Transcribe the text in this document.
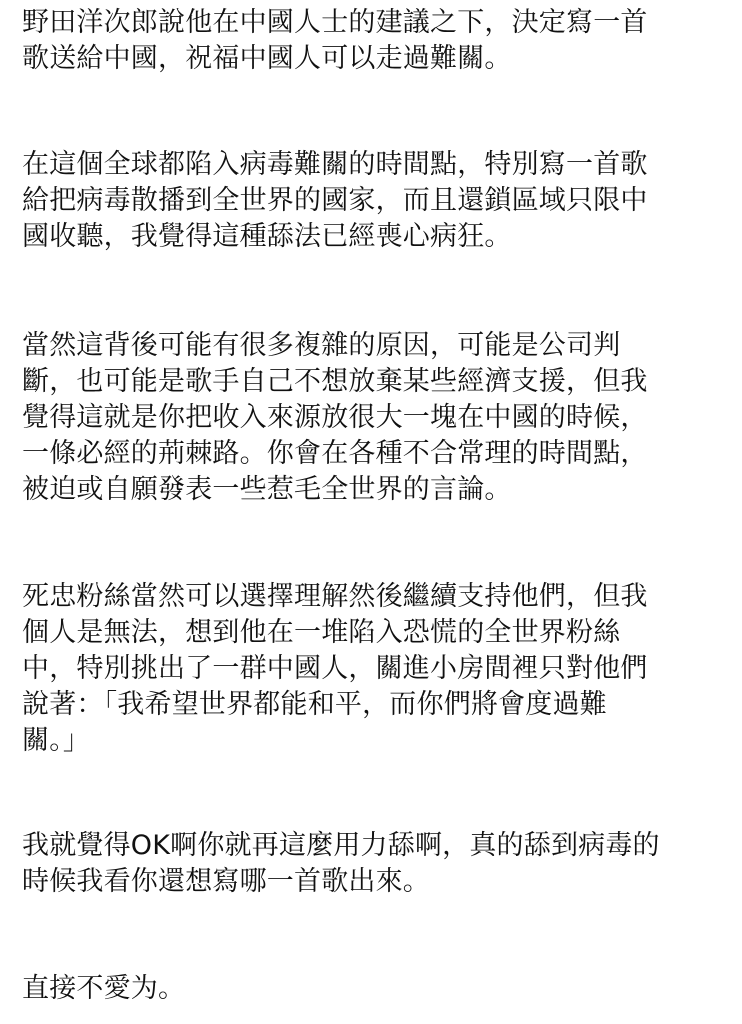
野田洋次郎說他在中國人士的建議之下，決定寫一首
歌送給中國，祝福中國人可以走過難關。

在這個全球都陷入病毒難關的時間點，特別寫一首歌
給把病毒散播到全世界的國家，而且還鎖區域只限中
國收聽，我覺得這種舔法已經喪心病狂。

當然這背後可能有很多複雜的原因，可能是公司判
斷，也可能是歌手自己不想放棄某些經濟支援，但我
覺得這就是你把收入來源放很大一塊在中國的時候，
一條必經的荊棘路。你會在各種不合常理的時間點，
被迫或自願發表一些惹毛全世界的言論。

死忠粉絲當然可以選擇理解然後繼續支持他們，但我
個人是無法，想到他在一堆陷入恐慌的全世界粉絲
中，特別挑出了一群中國人，關進小房間裡只對他們
說著：「我希望世界都能和平，而你們將會度過難
關。」

我就覺得OK啊你就再這麼用力舔啊，真的舔到病毒的
時候我看你還想寫哪一首歌出來。

直接不愛为。
